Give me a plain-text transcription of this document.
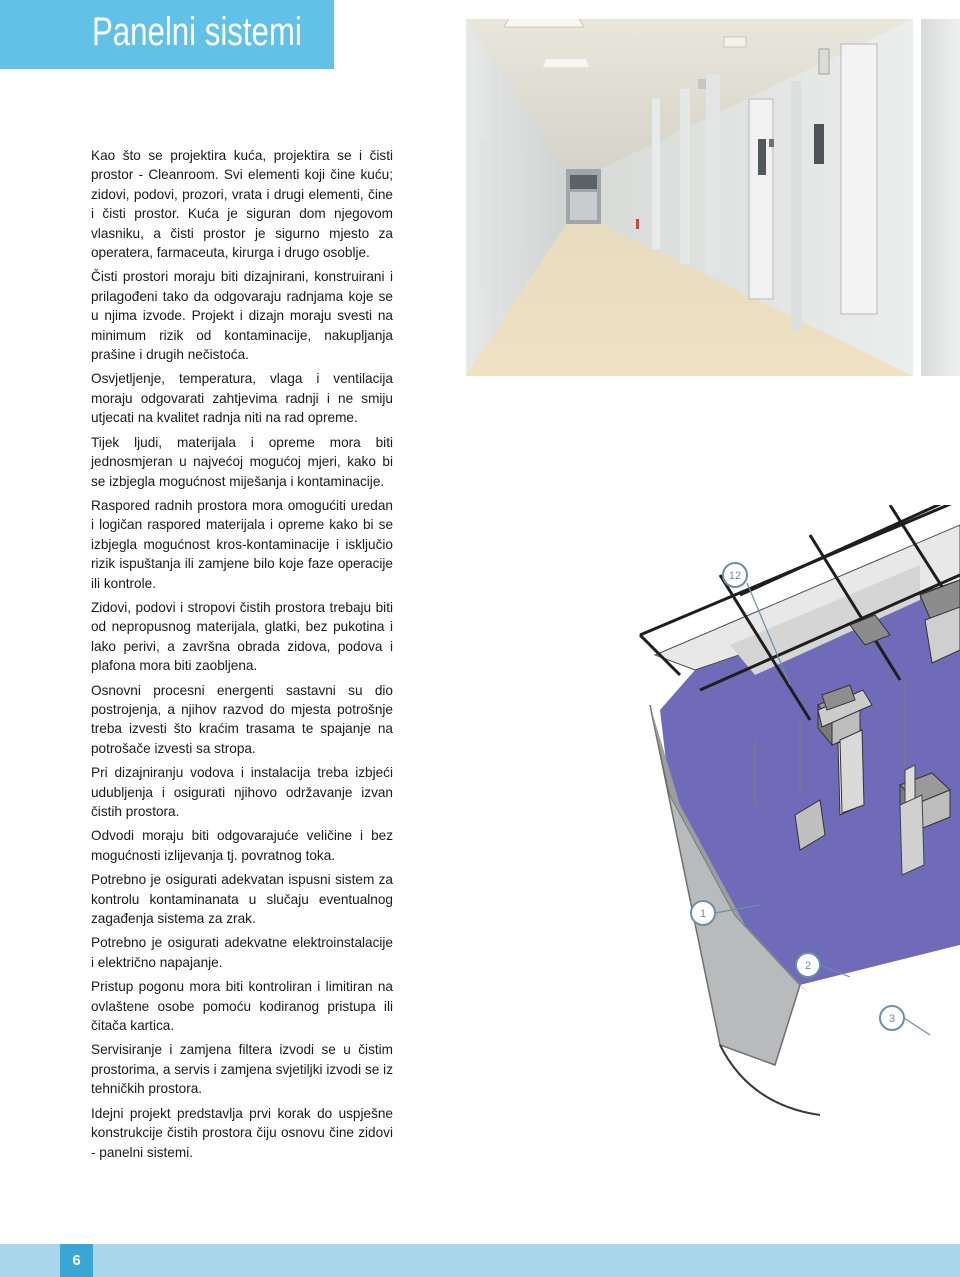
Panelni sistemi

Kao što se projektira kuća, projektira se i čisti prostor - Cleanroom. Svi elementi koji čine kuću; zidovi, podovi, prozori, vrata i drugi elementi, čine i čisti prostor. Kuća je siguran dom njegovom vlasniku, a čisti prostor je sigurno mjesto za operatera, farmaceuta, kirurga i drugo osoblje.

Čisti prostori moraju biti dizajnirani, konstruirani i prilagođeni tako da odgovaraju radnjama koje se u njima izvode. Projekt i dizajn moraju svesti na minimum rizik od kontaminacije, nakupljanja prašine i drugih nečistoća.

Osvjetljenje, temperatura, vlaga i ventilacija moraju odgovarati zahtjevima radnji i ne smiju utjecati na kvalitet radnja niti na rad opreme.

Tijek ljudi, materijala i opreme mora biti jednosmjeran u najvećoj mogućoj mjeri, kako bi se izbjegla mogućnost miješanja i kontaminacije.

Raspored radnih prostora mora omogućiti uredan i logičan raspored materijala i opreme kako bi se izbjegla mogućnost kros-kontaminacije i isključio rizik ispuštanja ili zamjene bilo koje faze operacije ili kontrole.

Zidovi, podovi i stropovi čistih prostora trebaju biti od nepropusnog materijala, glatki, bez pukotina i lako perivi, a završna obrada zidova, podova i plafona mora biti zaobljena.

Osnovni procesni energenti sastavni su dio postrojenja, a njihov razvod do mjesta potrošnje treba izvesti što kraćim trasama te spajanje na potrošače izvesti sa stropa.

Pri dizajniranju vodova i instalacija treba izbjeći udubljenja i osigurati njihovo održavanje izvan čistih prostora.

Odvodi moraju biti odgovarajuće veličine i bez mogućnosti izlijevanja tj. povratnog toka.

Potrebno je osigurati adekvatan ispusni sistem za kontrolu kontaminanata u slučaju eventualnog zagađenja sistema za zrak.

Potrebno je osigurati adekvatne elektroinstalacije i električno napajanje.

Pristup pogonu mora biti kontroliran i limitiran na ovlaštene osobe pomoću kodiranog pristupa ili čitača kartica.

Servisiranje i zamjena filtera izvodi se u čistim prostorima, a servis i zamjena svjetiljki izvodi se iz tehničkih prostora.

Idejni projekt predstavlja prvi korak do uspješne konstrukcije čistih prostora čiju osnovu čine zidovi - panelni sistemi.

12
1
2
3
6
